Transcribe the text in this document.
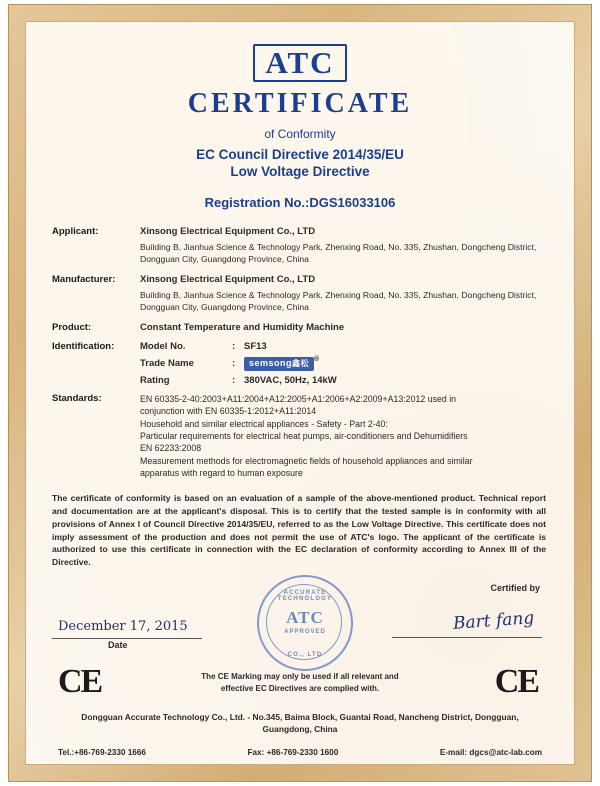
ATC
CERTIFICATE
of Conformity
EC Council Directive 2014/35/EU
Low Voltage Directive
Registration No.:DGS16033106
Applicant:	Xinsong Electrical Equipment Co., LTD
Building B, Jianhua Science & Technology Park, Zhenxing Road, No. 335, Zhushan, Dongcheng District, Dongguan City, Guangdong Province, China
Manufacturer:	Xinsong Electrical Equipment Co., LTD
Building B, Jianhua Science & Technology Park, Zhenxing Road, No. 335, Zhushan, Dongcheng District, Dongguan City, Guangdong Province, China
Product:	Constant Temperature and Humidity Machine
Identification:	Model No.	: SF13
Trade Name	:	semsong鑫松 ®
Rating	: 380VAC, 50Hz, 14kW
Standards:	EN 60335-2-40:2003+A11:2004+A12:2005+A1:2006+A2:2009+A13:2012 used in
conjunction with EN 60335-1:2012+A11:2014
Household and similar electrical appliances - Safety - Part 2-40:
Particular requirements for electrical heat pumps, air-conditioners and Dehumidifiers
EN 62233:2008
Measurement methods for electromagnetic fields of household appliances and similar
apparatus with regard to human exposure
The certificate of conformity is based on an evaluation of a sample of the above-mentioned product. Technical report and documentation are at the applicant's disposal. This is to certify that the tested sample is in conformity with all provisions of Annex I of Council Directive 2014/35/EU, referred to as the Low Voltage Directive. This certificate does not imply assessment of the production and does not permit the use of ATC's logo. The applicant of the certificate is authorized to use this certificate in connection with the EC declaration of conformity according to Annex III of the Directive.
Certified by
Bart fang
December 17, 2015
Date
ACCURATE TECHNOLOGY
ATC
APPROVED
CO., LTD
CE	CE
The CE Marking may only be used if all relevant and
effective EC Directives are complied with.
Dongguan Accurate Technology Co., Ltd. - No.345, Baima Block, Guantai Road, Nancheng District, Dongguan,
Guangdong, China
Tel.:+86-769-2330 1666	Fax: +86-769-2330 1600	E-mail: dgcs@atc-lab.com
